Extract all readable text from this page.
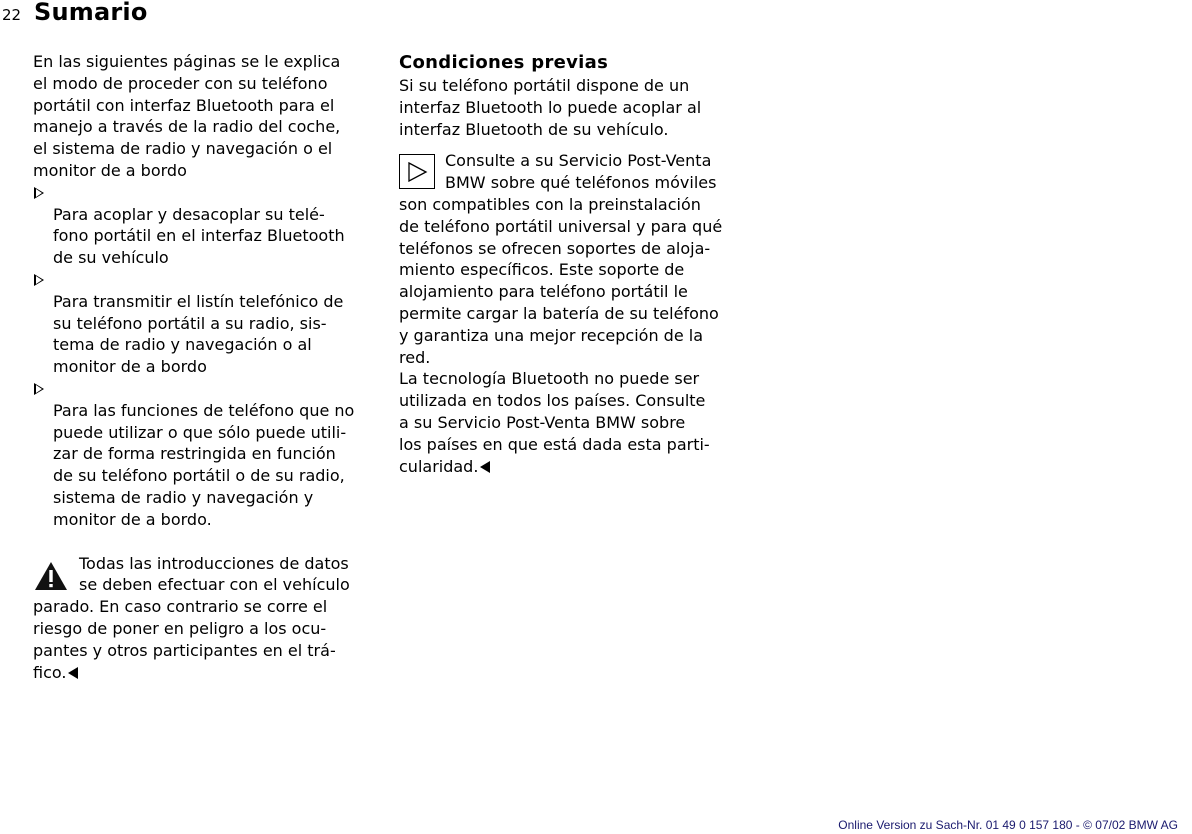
22 Sumario

En las siguientes páginas se le explica
el modo de proceder con su teléfono
portátil con interfaz Bluetooth para el
manejo a través de la radio del coche,
el sistema de radio y navegación o el
monitor de a bordo

Para acoplar y desacoplar su telé-
fono portátil en el interfaz Bluetooth
de su vehículo

Para transmitir el listín telefónico de
su teléfono portátil a su radio, sis-
tema de radio y navegación o al
monitor de a bordo

Para las funciones de teléfono que no
puede utilizar o que sólo puede utili-
zar de forma restringida en función
de su teléfono portátil o de su radio,
sistema de radio y navegación y
monitor de a bordo.

Todas las introducciones de datos
se deben efectuar con el vehículo

parado. En caso contrario se corre el
riesgo de poner en peligro a los ocu-
pantes y otros participantes en el trá-
fico.

Condiciones previas

Si su teléfono portátil dispone de un
interfaz Bluetooth lo puede acoplar al
interfaz Bluetooth de su vehículo.

Consulte a su Servicio Post-Venta
BMW sobre qué teléfonos móviles

son compatibles con la preinstalación
de teléfono portátil universal y para qué
teléfonos se ofrecen soportes de aloja-
miento específicos. Este soporte de
alojamiento para teléfono portátil le
permite cargar la batería de su teléfono
y garantiza una mejor recepción de la
red.
La tecnología Bluetooth no puede ser
utilizada en todos los países. Consulte
a su Servicio Post-Venta BMW sobre
los países en que está dada esta parti-
cularidad.

Online Version zu Sach-Nr. 01 49 0 157 180 - © 07/02 BMW AG
